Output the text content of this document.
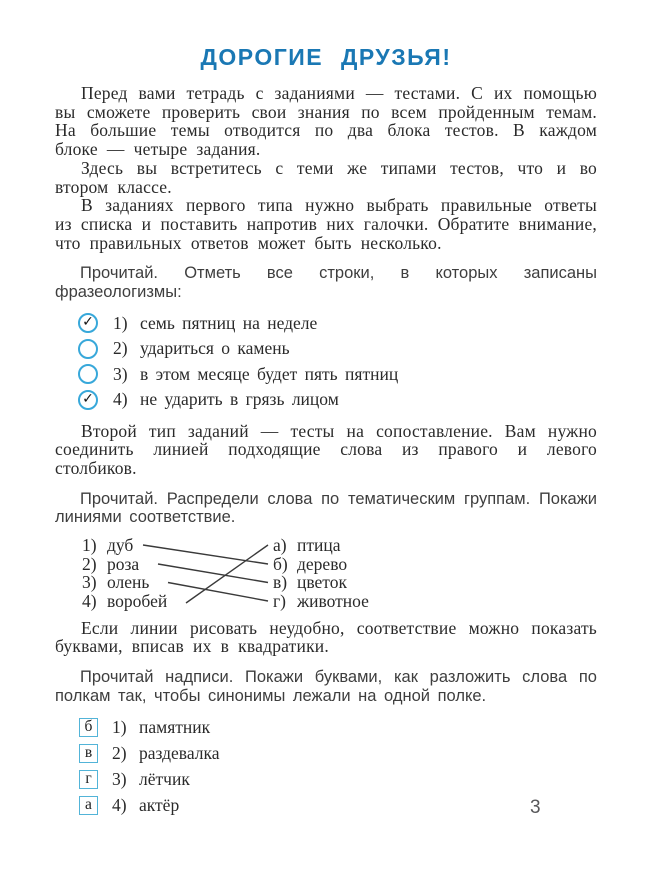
ДОРОГИЕ ДРУЗЬЯ!

Перед вами тетрадь с заданиями — тестами. С их помощью вы сможете проверить свои знания по всем пройденным темам. На большие темы отводится по два блока тестов. В каждом блоке — четыре задания.

Здесь вы встретитесь с теми же типами тестов, что и во втором классе.

В заданиях первого типа нужно выбрать правильные ответы из списка и поставить напротив них галочки. Обратите внимание, что правильных ответов может быть несколько.

Прочитай. Отметь все строки, в которых записаны фразеологизмы:

✓ 1) семь пятниц на неделе
2) удариться о камень
3) в этом месяце будет пять пятниц
✓ 4) не ударить в грязь лицом

Второй тип заданий — тесты на сопоставление. Вам нужно соединить линией подходящие слова из правого и левого столбиков.

Прочитай. Распредели слова по тематическим группам. Покажи линиями соответствие.

1) дуб	а) птица
2) роза	б) дерево
3) олень	в) цветок
4) воробей	г) животное

Если линии рисовать неудобно, соответствие можно показать буквами, вписав их в квадратики.

Прочитай надписи. Покажи буквами, как разложить слова по полкам так, чтобы синонимы лежали на одной полке.

б	1) памятник
в	2) раздевалка
г	3) лётчик
а	4) актёр	3
